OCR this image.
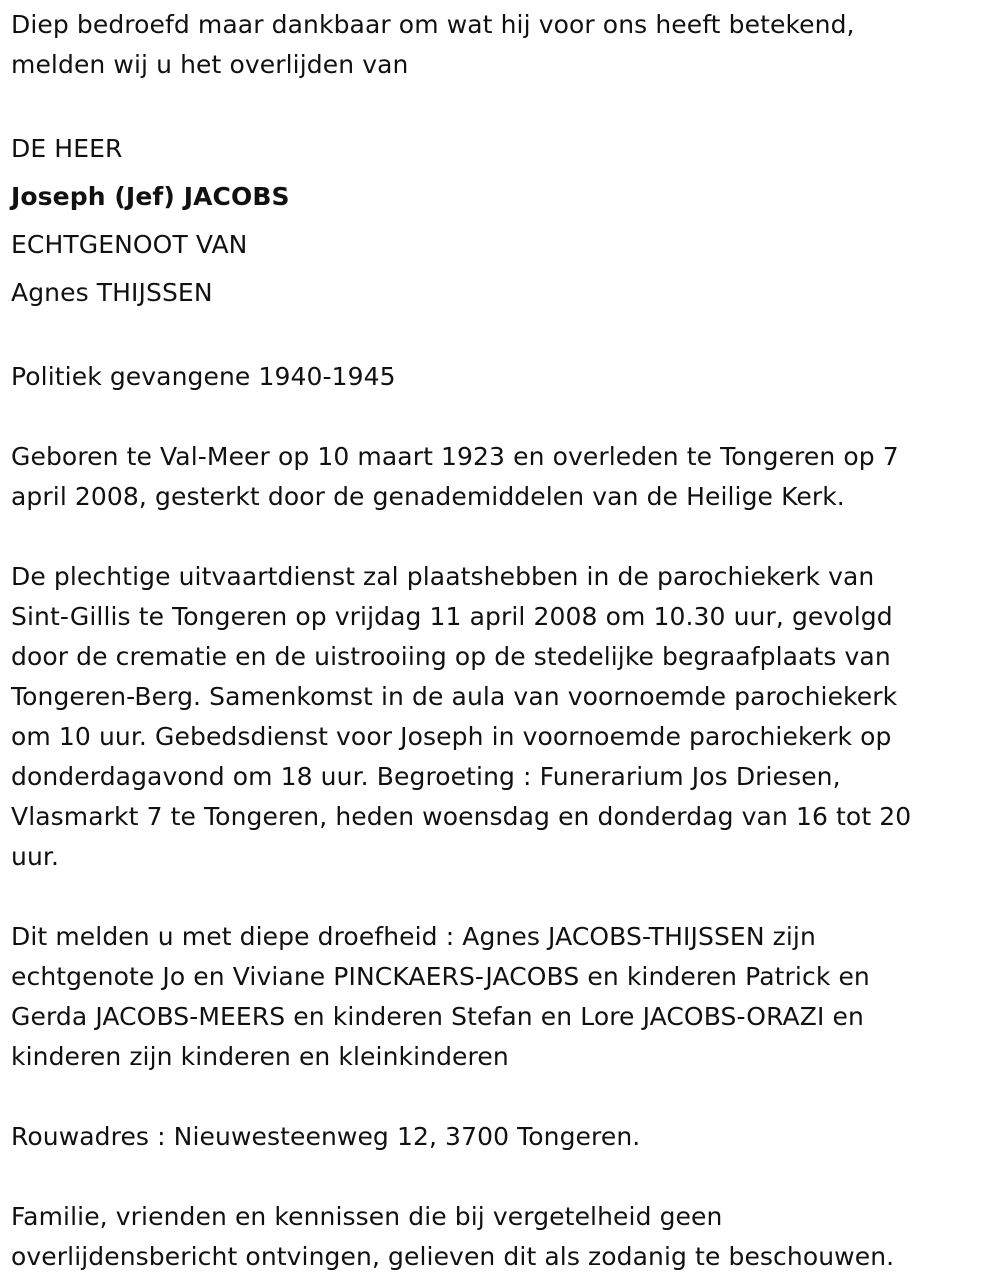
Diep bedroefd maar dankbaar om wat hij voor ons heeft betekend,
melden wij u het overlijden van
DE HEER
Joseph (Jef) JACOBS
ECHTGENOOT VAN
Agnes THIJSSEN
Politiek gevangene 1940-1945
Geboren te Val-Meer op 10 maart 1923 en overleden te Tongeren op 7
april 2008, gesterkt door de genademiddelen van de Heilige Kerk.
De plechtige uitvaartdienst zal plaatshebben in de parochiekerk van
Sint-Gillis te Tongeren op vrijdag 11 april 2008 om 10.30 uur, gevolgd
door de crematie en de uistrooiing op de stedelijke begraafplaats van
Tongeren-Berg. Samenkomst in de aula van voornoemde parochiekerk
om 10 uur. Gebedsdienst voor Joseph in voornoemde parochiekerk op
donderdagavond om 18 uur. Begroeting : Funerarium Jos Driesen,
Vlasmarkt 7 te Tongeren, heden woensdag en donderdag van 16 tot 20
uur.
Dit melden u met diepe droefheid : Agnes JACOBS-THIJSSEN zijn
echtgenote Jo en Viviane PINCKAERS-JACOBS en kinderen Patrick en
Gerda JACOBS-MEERS en kinderen Stefan en Lore JACOBS-ORAZI en
kinderen zijn kinderen en kleinkinderen
Rouwadres : Nieuwesteenweg 12, 3700 Tongeren.
Familie, vrienden en kennissen die bij vergetelheid geen
overlijdensbericht ontvingen, gelieven dit als zodanig te beschouwen.
